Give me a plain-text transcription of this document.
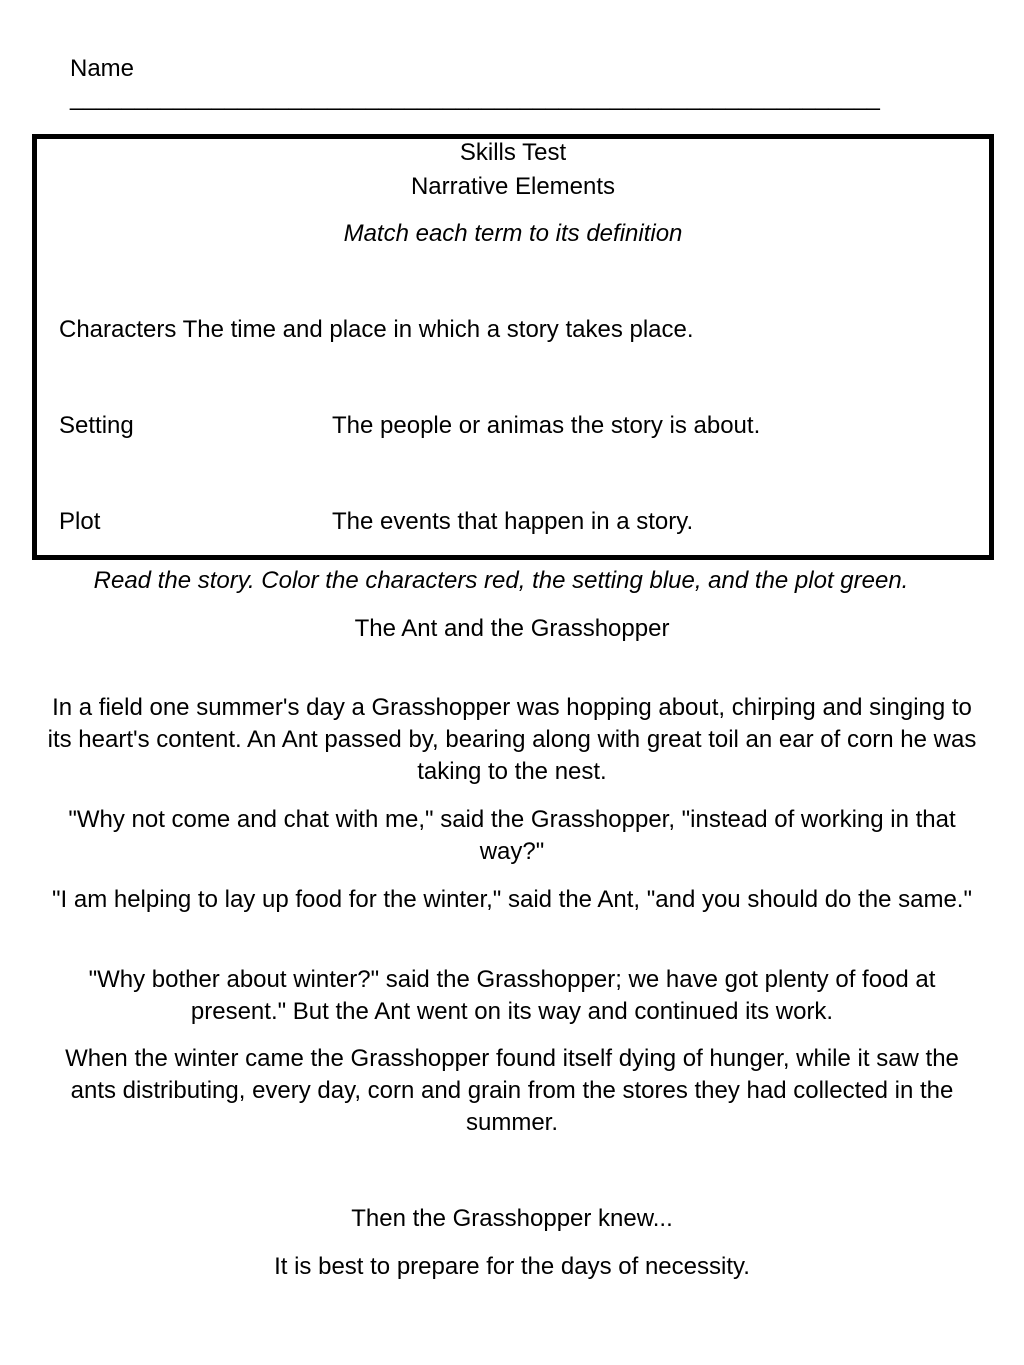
Name
_______________________________________________________________
Skills Test
Narrative Elements
Match each term to its definition
Characters The time and place in which a story takes place.
Setting	The people or animas the story is about.
Plot	The events that happen in a story.
Read the story. Color the characters red, the setting blue, and the plot green.
The Ant and the Grasshopper
In a field one summer's day a Grasshopper was hopping about, chirping and singing to its heart's content. An Ant passed by, bearing along with great toil an ear of corn he was taking to the nest.
"Why not come and chat with me," said the Grasshopper, "instead of working in that way?"
"I am helping to lay up food for the winter," said the Ant, "and you should do the same."
"Why bother about winter?" said the Grasshopper; we have got plenty of food at present." But the Ant went on its way and continued its work.
When the winter came the Grasshopper found itself dying of hunger, while it saw the ants distributing, every day, corn and grain from the stores they had collected in the summer.
Then the Grasshopper knew...
It is best to prepare for the days of necessity.
